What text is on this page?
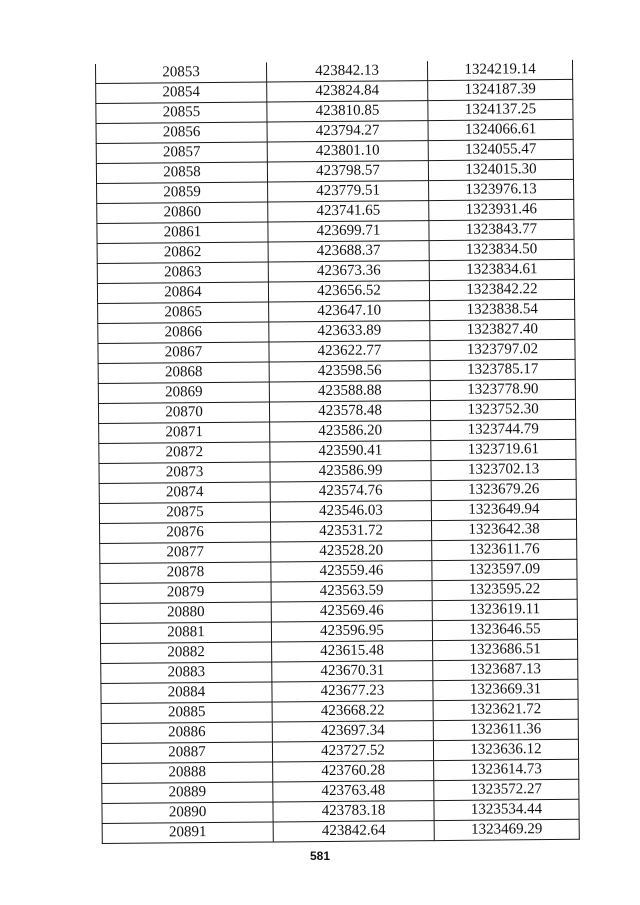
20853	423842.13	1324219.14
20854	423824.84	1324187.39
20855	423810.85	1324137.25
20856	423794.27	1324066.61
20857	423801.10	1324055.47
20858	423798.57	1324015.30
20859	423779.51	1323976.13
20860	423741.65	1323931.46
20861	423699.71	1323843.77
20862	423688.37	1323834.50
20863	423673.36	1323834.61
20864	423656.52	1323842.22
20865	423647.10	1323838.54
20866	423633.89	1323827.40
20867	423622.77	1323797.02
20868	423598.56	1323785.17
20869	423588.88	1323778.90
20870	423578.48	1323752.30
20871	423586.20	1323744.79
20872	423590.41	1323719.61
20873	423586.99	1323702.13
20874	423574.76	1323679.26
20875	423546.03	1323649.94
20876	423531.72	1323642.38
20877	423528.20	1323611.76
20878	423559.46	1323597.09
20879	423563.59	1323595.22
20880	423569.46	1323619.11
20881	423596.95	1323646.55
20882	423615.48	1323686.51
20883	423670.31	1323687.13
20884	423677.23	1323669.31
20885	423668.22	1323621.72
20886	423697.34	1323611.36
20887	423727.52	1323636.12
20888	423760.28	1323614.73
20889	423763.48	1323572.27
20890	423783.18	1323534.44
20891	423842.64	1323469.29
581
